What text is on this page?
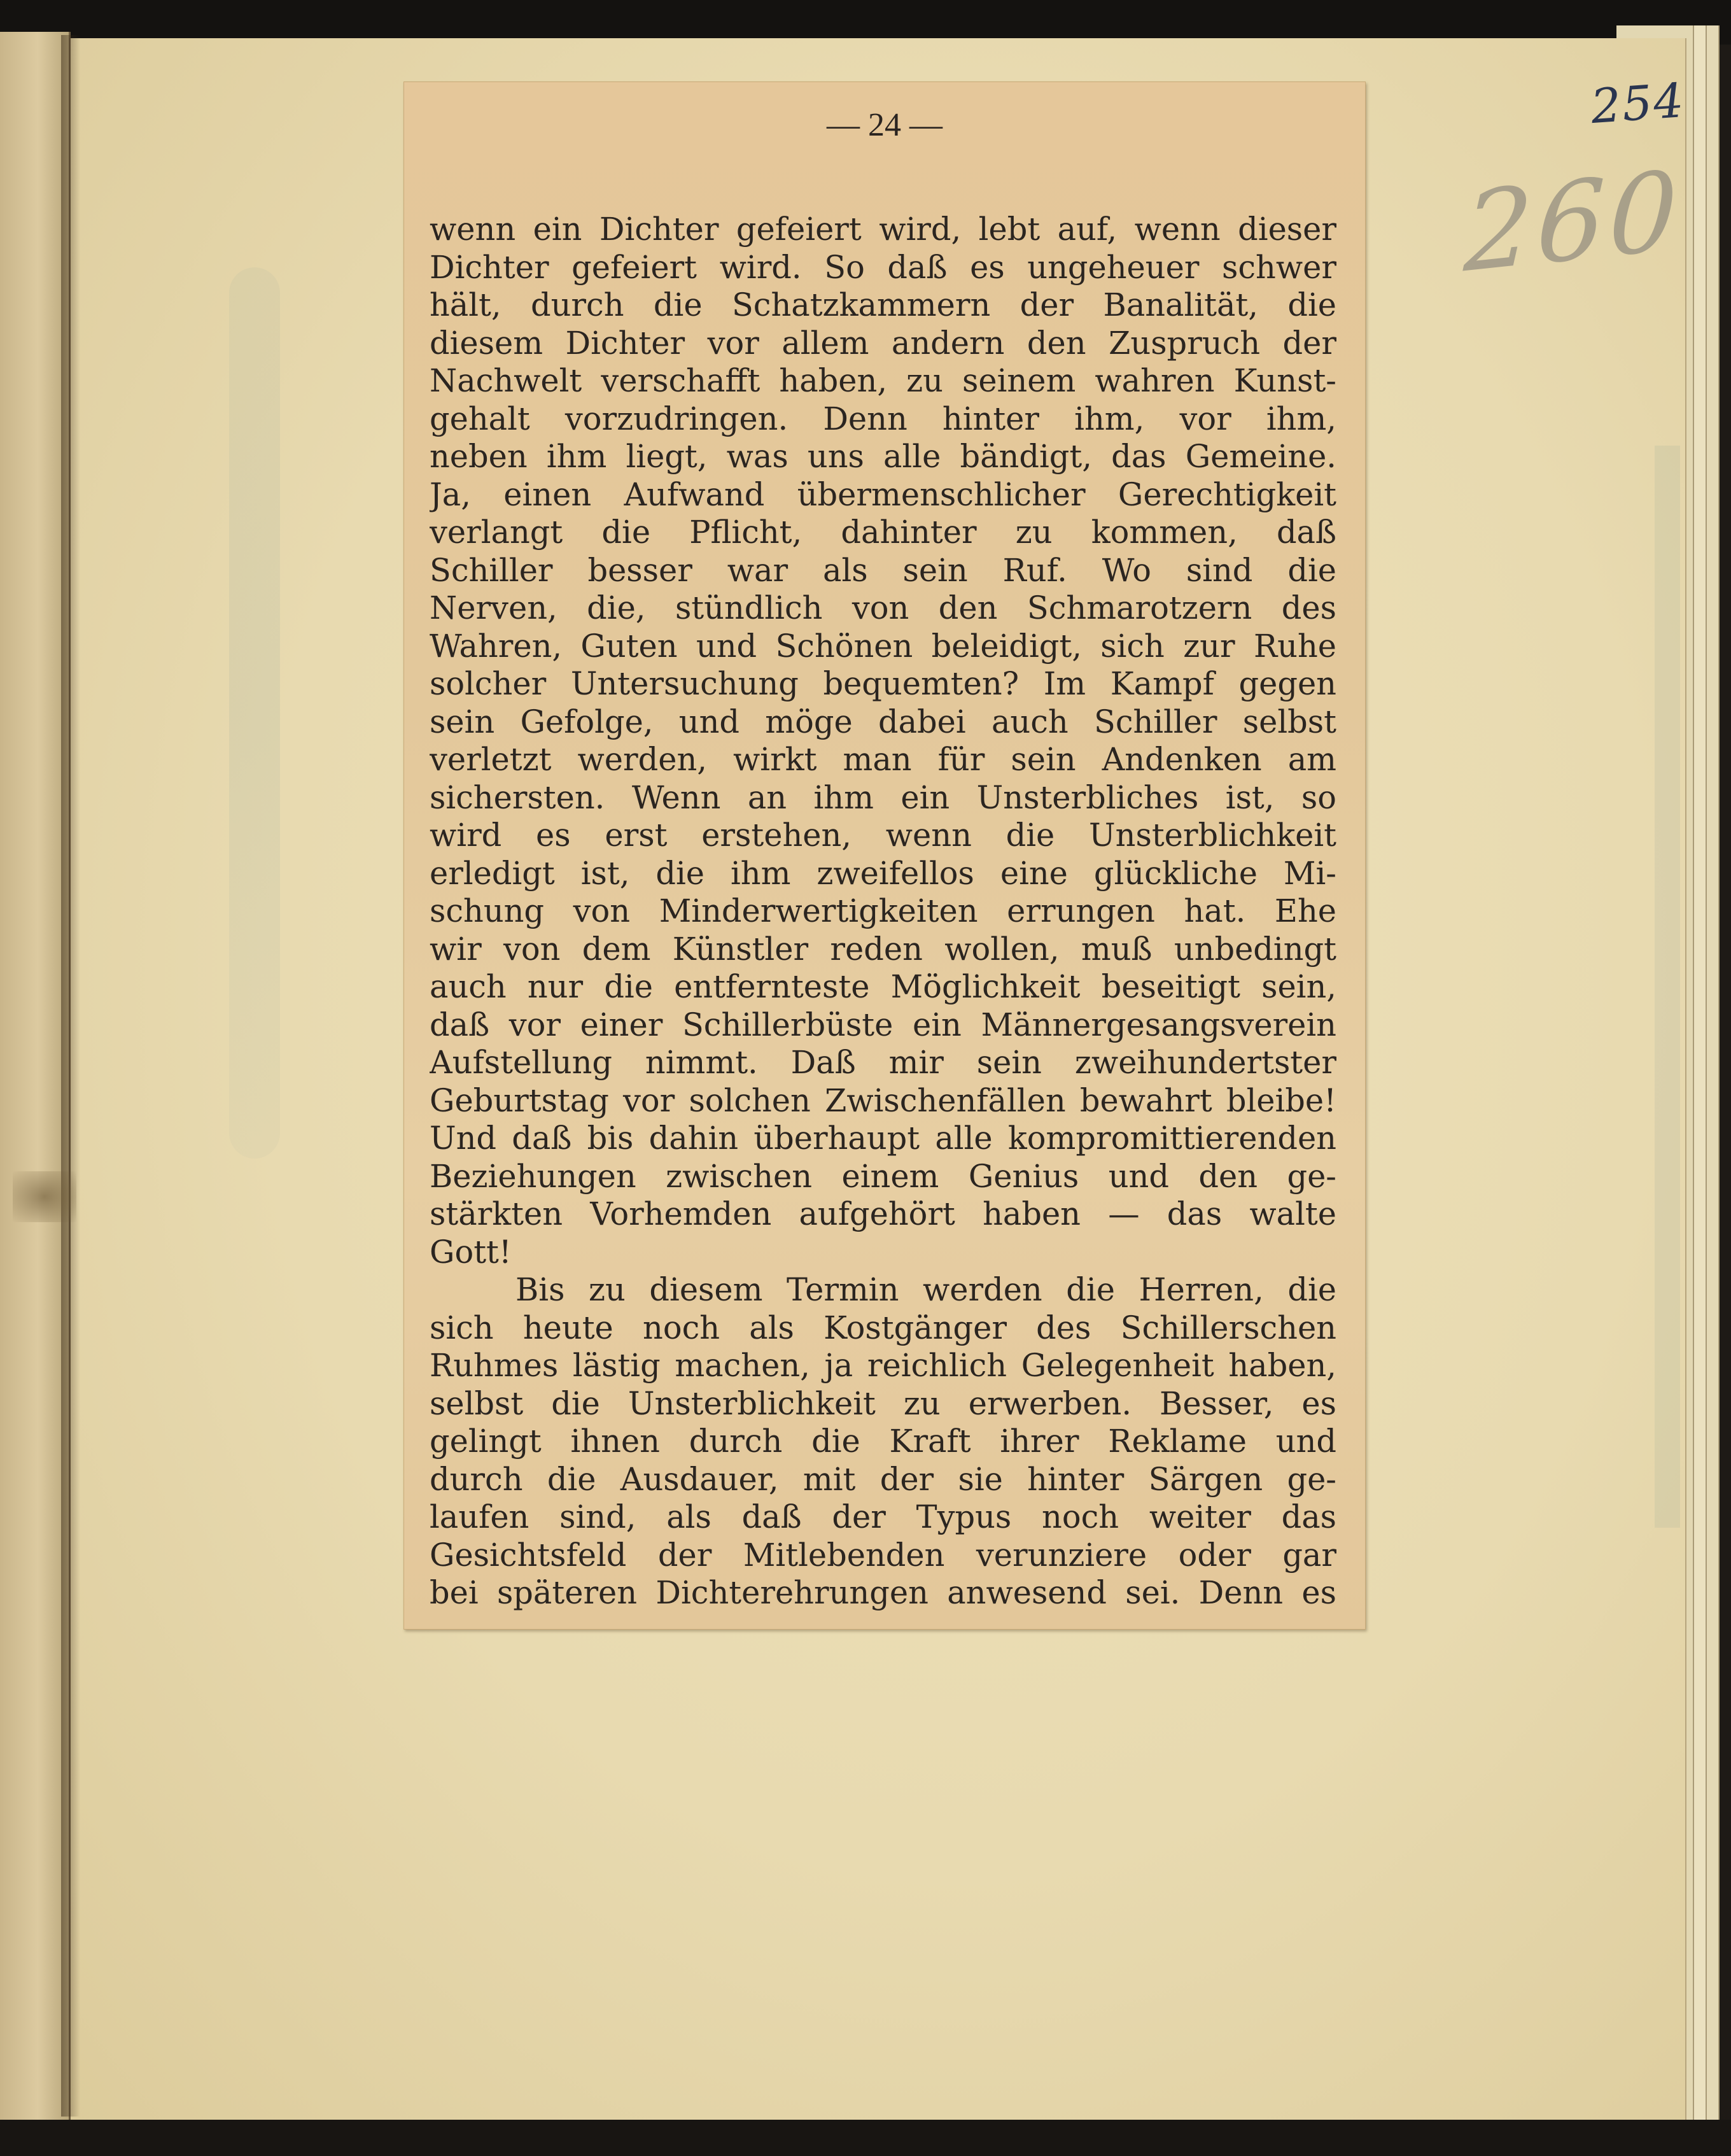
254

260

— 24 —

wenn ein Dichter gefeiert wird, lebt auf, wenn dieser
Dichter gefeiert wird. So daß es ungeheuer schwer
hält, durch die Schatzkammern der Banalität, die
diesem Dichter vor allem andern den Zuspruch der
Nachwelt verschafft haben, zu seinem wahren Kunst-
gehalt vorzudringen. Denn hinter ihm, vor ihm,
neben ihm liegt, was uns alle bändigt, das Gemeine.
Ja, einen Aufwand übermenschlicher Gerechtigkeit
verlangt die Pflicht, dahinter zu kommen, daß
Schiller besser war als sein Ruf. Wo sind die
Nerven, die, stündlich von den Schmarotzern des
Wahren, Guten und Schönen beleidigt, sich zur Ruhe
solcher Untersuchung bequemten? Im Kampf gegen
sein Gefolge, und möge dabei auch Schiller selbst
verletzt werden, wirkt man für sein Andenken am
sichersten. Wenn an ihm ein Unsterbliches ist, so
wird es erst erstehen, wenn die Unsterblichkeit
erledigt ist, die ihm zweifellos eine glückliche Mi-
schung von Minderwertigkeiten errungen hat. Ehe
wir von dem Künstler reden wollen, muß unbedingt
auch nur die entfernteste Möglichkeit beseitigt sein,
daß vor einer Schillerbüste ein Männergesangsverein
Aufstellung nimmt. Daß mir sein zweihundertster
Geburtstag vor solchen Zwischenfällen bewahrt bleibe!
Und daß bis dahin überhaupt alle kompromittierenden
Beziehungen zwischen einem Genius und den ge-
stärkten Vorhemden aufgehört haben — das walte
Gott!
Bis zu diesem Termin werden die Herren, die
sich heute noch als Kostgänger des Schillerschen
Ruhmes lästig machen, ja reichlich Gelegenheit haben,
selbst die Unsterblichkeit zu erwerben. Besser, es
gelingt ihnen durch die Kraft ihrer Reklame und
durch die Ausdauer, mit der sie hinter Särgen ge-
laufen sind, als daß der Typus noch weiter das
Gesichtsfeld der Mitlebenden verunziere oder gar
bei späteren Dichterehrungen anwesend sei. Denn es
